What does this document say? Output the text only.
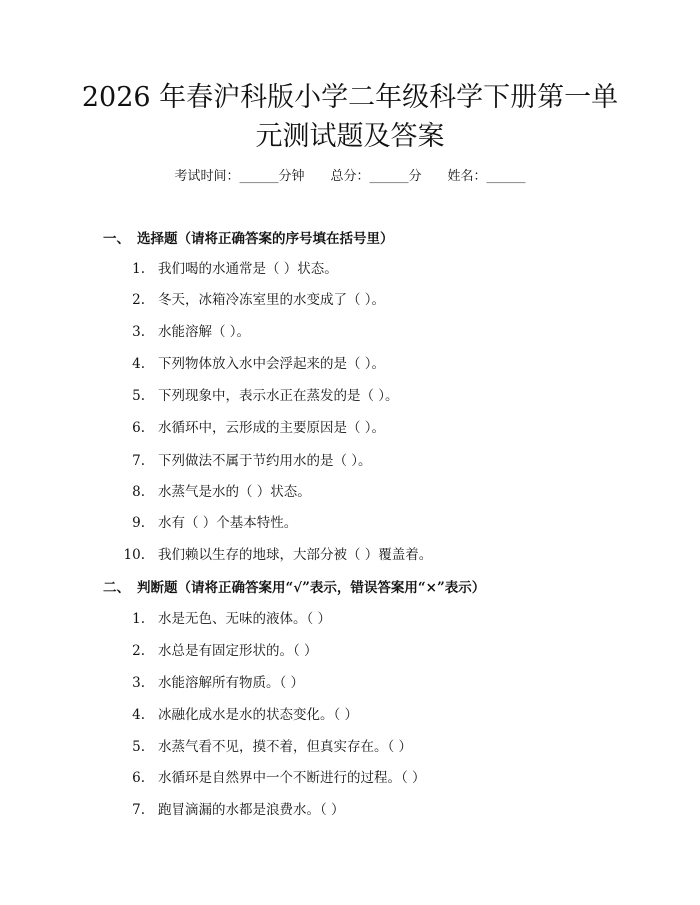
2026 年春沪科版小学二年级科学下册第一单
元测试题及答案
考试时间：______分钟　　总分：______分　　姓名：______
一、 选择题（请将正确答案的序号填在括号里）
1. 我们喝的水通常是（ ）状态。
2. 冬天，冰箱冷冻室里的水变成了（ ）。
3. 水能溶解（ ）。
4. 下列物体放入水中会浮起来的是（ ）。
5. 下列现象中，表示水正在蒸发的是（ ）。
6. 水循环中，云形成的主要原因是（ ）。
7. 下列做法不属于节约用水的是（ ）。
8. 水蒸气是水的（ ）状态。
9. 水有（ ）个基本特性。
10. 我们赖以生存的地球，大部分被（ ）覆盖着。
二、 判断题（请将正确答案用“√”表示，错误答案用“×”表示）
1. 水是无色、无味的液体。（ ）
2. 水总是有固定形状的。（ ）
3. 水能溶解所有物质。（ ）
4. 冰融化成水是水的状态变化。（ ）
5. 水蒸气看不见，摸不着，但真实存在。（ ）
6. 水循环是自然界中一个不断进行的过程。（ ）
7. 跑冒滴漏的水都是浪费水。（ ）
